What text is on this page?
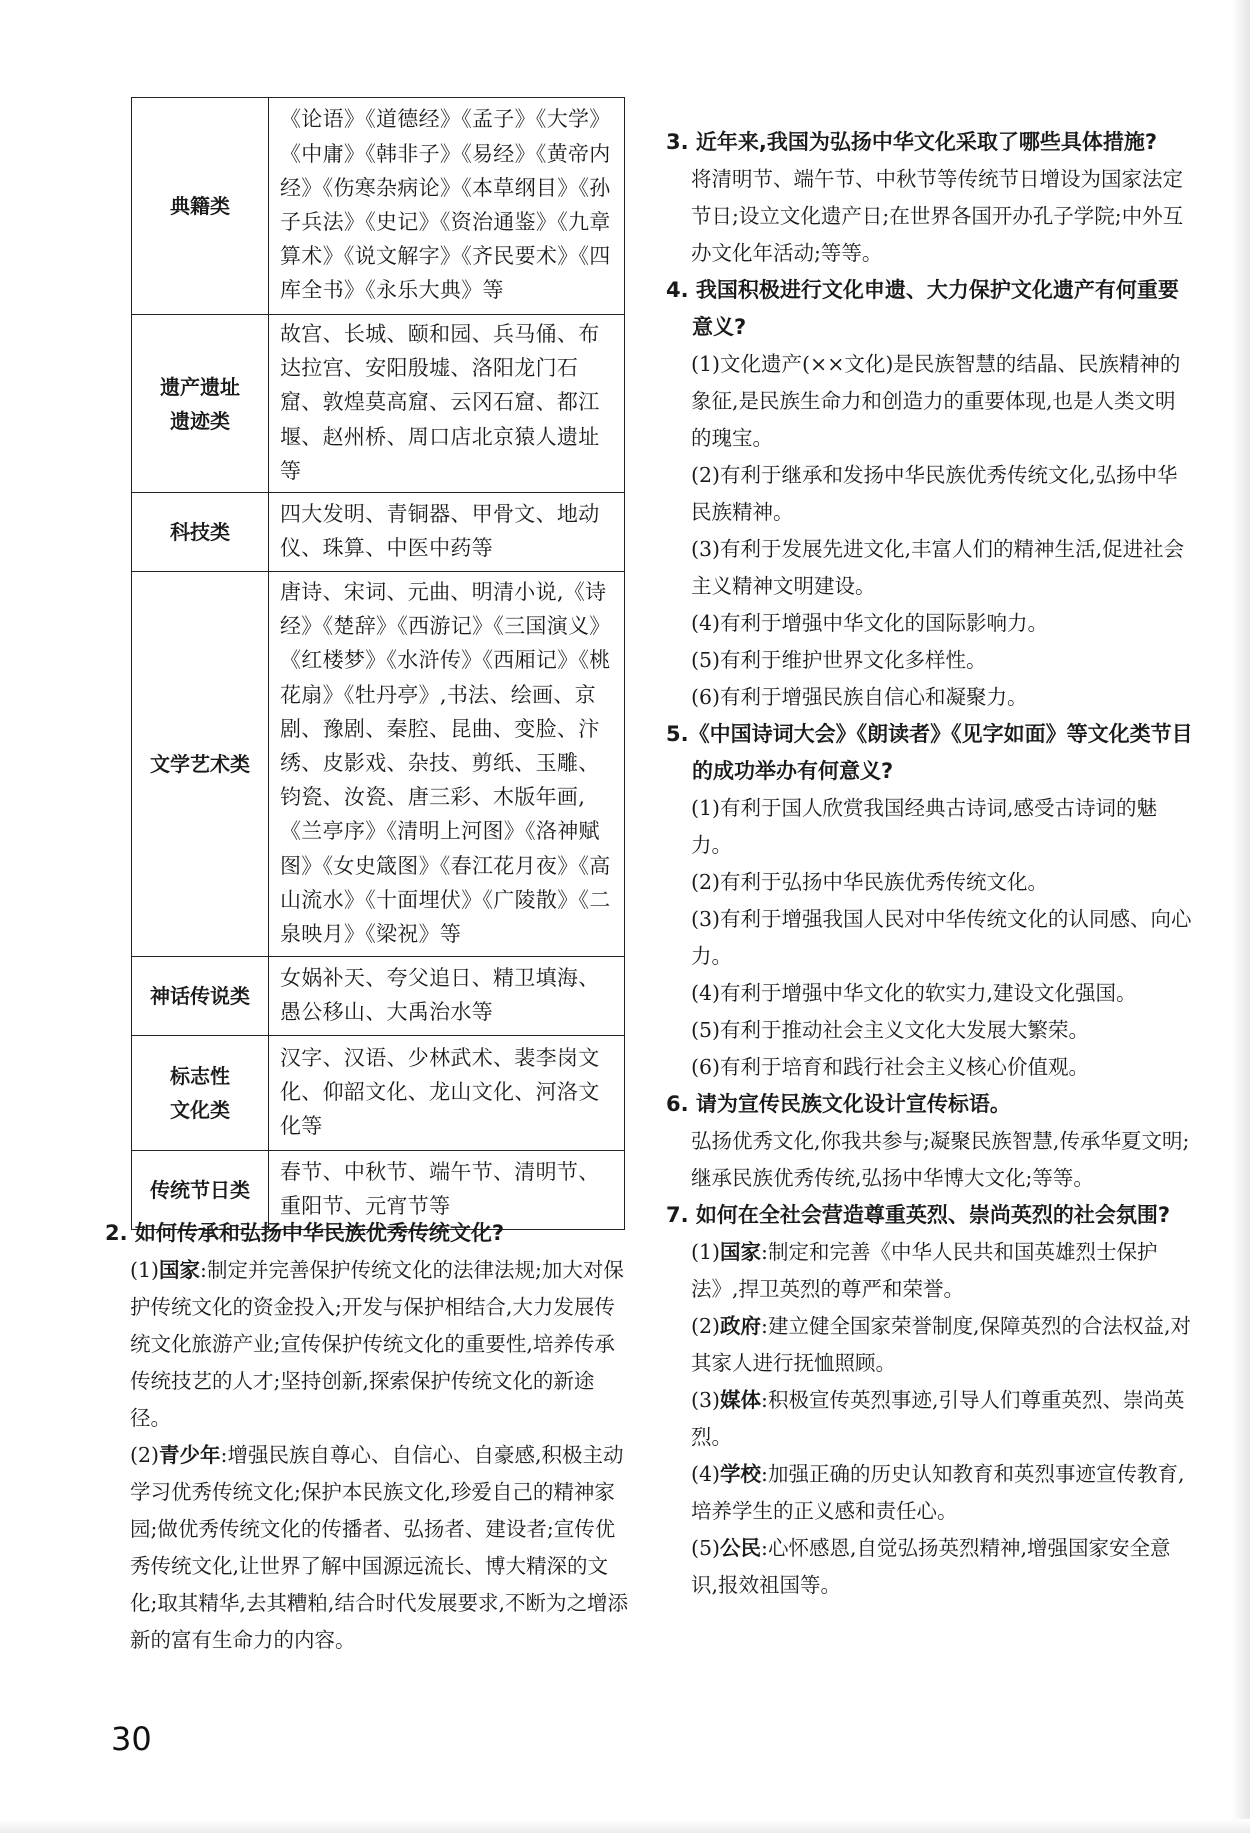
典籍类	《论语》《道德经》《孟子》《大学》《中庸》《韩非子》《易经》《黄帝内经》《伤寒杂病论》《本草纲目》《孙子兵法》《史记》《资治通鉴》《九章算术》《说文解字》《齐民要术》《四库全书》《永乐大典》等
遗产遗址遗迹类	故宫、长城、颐和园、兵马俑、布达拉宫、安阳殷墟、洛阳龙门石窟、敦煌莫高窟、云冈石窟、都江堰、赵州桥、周口店北京猿人遗址等
科技类	四大发明、青铜器、甲骨文、地动仪、珠算、中医中药等
文学艺术类	唐诗、宋词、元曲、明清小说,《诗经》《楚辞》《西游记》《三国演义》《红楼梦》《水浒传》《西厢记》《桃花扇》《牡丹亭》,书法、绘画、京剧、豫剧、秦腔、昆曲、变脸、汴绣、皮影戏、杂技、剪纸、玉雕、钧瓷、汝瓷、唐三彩、木版年画,《兰亭序》《清明上河图》《洛神赋图》《女史箴图》《春江花月夜》《高山流水》《十面埋伏》《广陵散》《二泉映月》《梁祝》等
神话传说类	女娲补天、夸父追日、精卫填海、愚公移山、大禹治水等
标志性文化类	汉字、汉语、少林武术、裴李岗文化、仰韶文化、龙山文化、河洛文化等
传统节日类	春节、中秋节、端午节、清明节、重阳节、元宵节等

2. 如何传承和弘扬中华民族优秀传统文化?

(1)国家:制定并完善保护传统文化的法律法规;加大对保护传统文化的资金投入;开发与保护相结合,大力发展传统文化旅游产业;宣传保护传统文化的重要性,培养传承传统技艺的人才;坚持创新,探索保护传统文化的新途径。

(2)青少年:增强民族自尊心、自信心、自豪感,积极主动学习优秀传统文化;保护本民族文化,珍爱自己的精神家园;做优秀传统文化的传播者、弘扬者、建设者;宣传优秀传统文化,让世界了解中国源远流长、博大精深的文化;取其精华,去其糟粕,结合时代发展要求,不断为之增添新的富有生命力的内容。

3. 近年来,我国为弘扬中华文化采取了哪些具体措施?

将清明节、端午节、中秋节等传统节日增设为国家法定节日;设立文化遗产日;在世界各国开办孔子学院;中外互办文化年活动;等等。

4. 我国积极进行文化申遗、大力保护文化遗产有何重要意义?

(1)文化遗产(××文化)是民族智慧的结晶、民族精神的象征,是民族生命力和创造力的重要体现,也是人类文明的瑰宝。

(2)有利于继承和发扬中华民族优秀传统文化,弘扬中华民族精神。

(3)有利于发展先进文化,丰富人们的精神生活,促进社会主义精神文明建设。

(4)有利于增强中华文化的国际影响力。

(5)有利于维护世界文化多样性。

(6)有利于增强民族自信心和凝聚力。

5.《中国诗词大会》《朗读者》《见字如面》等文化类节目的成功举办有何意义?

(1)有利于国人欣赏我国经典古诗词,感受古诗词的魅力。

(2)有利于弘扬中华民族优秀传统文化。

(3)有利于增强我国人民对中华传统文化的认同感、向心力。

(4)有利于增强中华文化的软实力,建设文化强国。

(5)有利于推动社会主义文化大发展大繁荣。

(6)有利于培育和践行社会主义核心价值观。

6. 请为宣传民族文化设计宣传标语。

弘扬优秀文化,你我共参与;凝聚民族智慧,传承华夏文明;继承民族优秀传统,弘扬中华博大文化;等等。

7. 如何在全社会营造尊重英烈、崇尚英烈的社会氛围?

(1)国家:制定和完善《中华人民共和国英雄烈士保护法》,捍卫英烈的尊严和荣誉。

(2)政府:建立健全国家荣誉制度,保障英烈的合法权益,对其家人进行抚恤照顾。

(3)媒体:积极宣传英烈事迹,引导人们尊重英烈、崇尚英烈。

(4)学校:加强正确的历史认知教育和英烈事迹宣传教育,培养学生的正义感和责任心。

(5)公民:心怀感恩,自觉弘扬英烈精神,增强国家安全意识,报效祖国等。

30
